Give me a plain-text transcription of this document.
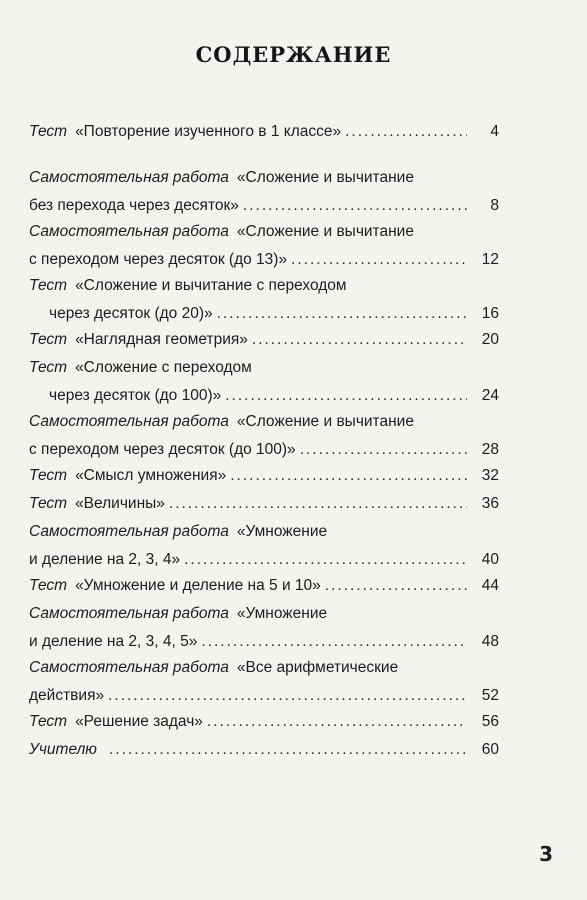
СОДЕРЖАНИЕ
Тест «Повторение изученного в 1 классе» .....	4
Самостоятельная работа «Сложение и вычитание
без перехода через десяток» .....	8
Самостоятельная работа «Сложение и вычитание
с переходом через десяток (до 13)» .....	12
Тест «Сложение и вычитание с переходом
через десяток (до 20)» .....	16
Тест «Наглядная геометрия» .....	20
Тест «Сложение с переходом
через десяток (до 100)» .....	24
Самостоятельная работа «Сложение и вычитание
с переходом через десяток (до 100)» .....	28
Тест «Смысл умножения» .....	32
Тест «Величины» .....	36
Самостоятельная работа «Умножение
и деление на 2, 3, 4» .....	40
Тест «Умножение и деление на 5 и 10» .....	44
Самостоятельная работа «Умножение
и деление на 2, 3, 4, 5» .....	48
Самостоятельная работа «Все арифметические
действия» .....	52
Тест «Решение задач» .....	56
Учителю .....	60
3
